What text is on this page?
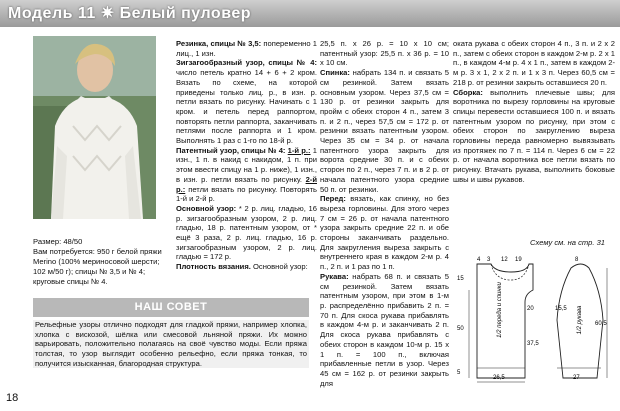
Модель 11 ✷ Белый пуловер

Размер: 48/50

Вам потребуется: 950 г белой пряжи Merino (100% мериносовой шерсти; 102 м/50 г); спицы № 3,5 и № 4; круговые спицы № 4.

НАШ СОВЕТ
Рельефные узоры отлично подходят для гладкой пряжи, например хлопка, хлопка с вискозой, шёлка или смесовой льняной пряжи. Их можно варьировать, положительно полагаясь на своё чувство моды. Если пряжа толстая, то узор выглядит особенно рельефно, если пряжа тонкая, то получится изысканная, благородная структура.

Резинка, спицы № 3,5: попеременно 1 лиц., 1 изн.

Зигзагообразный узор, спицы № 4: число петель кратно 14 + 6 + 2 кром. Вязать по схеме, на которой приведены только лиц. р., в изн. р. петли вязать по рисунку. Начинать с 1 кром. и петель перед раппортом, повторять петли раппорта, заканчивать петлями после раппорта и 1 кром. Выполнять 1 раз с 1-го по 18-й р.

Патентный узор, спицы № 4: 1-й р.: 1 изн., 1 п. в накид с накидом, 1 п. при этом ввести спицу на 1 р. ниже), 1 изн., в изн. р. петли вязать по рисунку. 2-й р.: петли вязать по рисунку. Повторять 1-й и 2-й р.

Основной узор: * 2 р. лиц. гладью, 16 р. зигзагообразным узором, 2 р. лиц. гладью, 18 р. патентным узором, от * ещё 3 раза, 2 р. лиц. гладью, 16 р. зигзагообразным узором, 2 р. лиц. гладью = 172 р.

Плотность вязания. Основной узор:

25,5 п. х 26 р. = 10 х 10 см; патентный узор: 25,5 п. х 36 р. = 10 х 10 см.

Спинка: набрать 134 п. и связать 5 см резинкой. Затем вязать основным узором. Через 37,5 см = 130 р. от резинки закрыть для пройм с обеих сторон 4 п., затем 3 п. и 2 п., через 57,5 см = 172 р. от резинки вязать патентным узором. Через 35 см = 34 р. от начала патентного узора закрыть для ворота средние 30 п. и с обеих сторон по 2 п., через 7 п. и в 2 р. от начала патентного узора средние 50 п. от резинки.

Перед: вязать, как спинку, но без выреза горловины. Для этого через 7 см = 26 р. от начала патентного узора закрыть средние 22 п. и обе стороны заканчивать раздельно. Для закругления выреза закрыть с внутреннего края в каждом 2-м р. 4 п., 2 п. и 1 раз по 1 п.

Рукава: набрать 68 п. и связать 5 см резинкой. Затем вязать патентным узором, при этом в 1-м р. распределённо прибавить 2 п. = 70 п. Для скоса рукава прибавлять в каждом 4-м р. и заканчивать 2 п. Для скоса рукава прибавлять с обеих сторон в каждом 10-м р. 15 х 1 п. = 100 п., включая прибавленные петли в узор. Через 45 см = 162 р. от резинки закрыть для

оката рукава с обеих сторон 4 п., 3 п. и 2 х 2 п., затем с обеих сторон в каждом 2-м р. 2 х 1 п., в каждом 4-м р. 4 х 1 п., затем в каждом 2-м р. 3 х 1, 2 х 2 п. и 1 х 3 п. Через 60,5 см = 218 р. от резинки закрыть оставшиеся 20 п.

Сборка: выполнить плечевые швы; для воротника по вырезу горловины на круговые спицы перевести оставшиеся 100 п. и вязать патентным узором по рисунку, при этом с обеих сторон по закруглению выреза горловины переда равномерно вывязывать из протяжек по 7 п. = 114 п. Через 6 см = 22 р. от начала воротника все петли вязать по рисунку. Втачать рукава, выполнить боковые швы и швы рукавов.

Схему см. на стр. 31
4 3 12 19
15
20
37,5
50
5
26,5
8
15,5
60,5
27
1/2 переда и спинки	1/2 рукава
18
